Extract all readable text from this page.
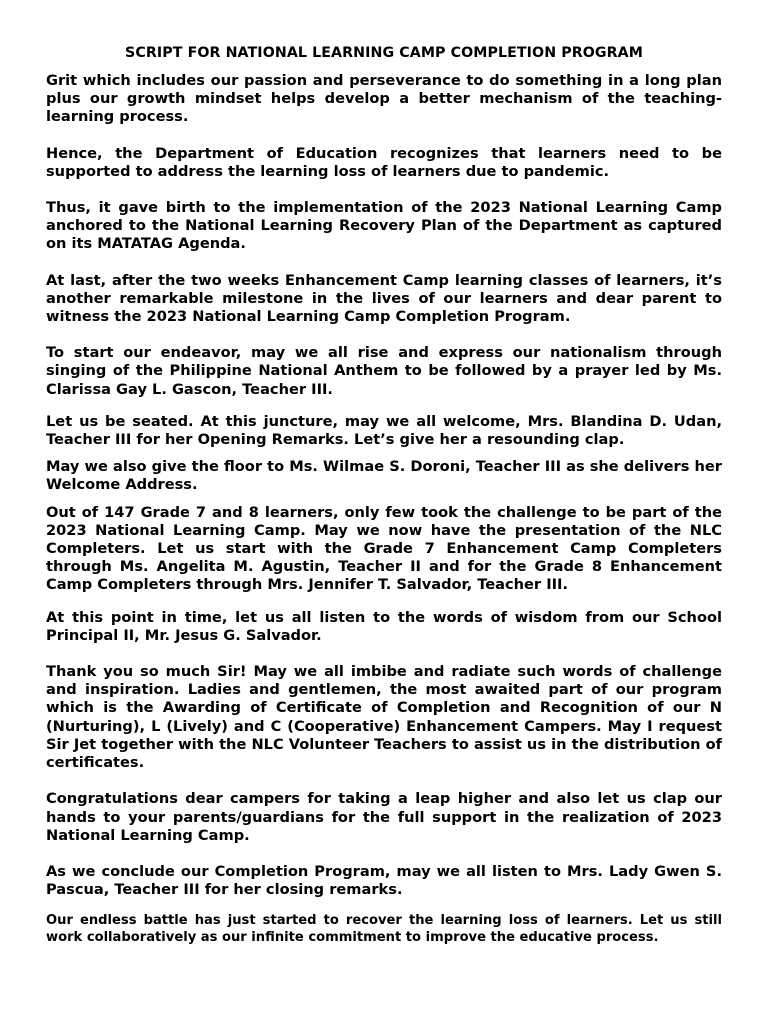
SCRIPT FOR NATIONAL LEARNING CAMP COMPLETION PROGRAM

Grit which includes our passion and perseverance to do something in a long plan plus our growth mindset helps develop a better mechanism of the teaching-learning process.

Hence, the Department of Education recognizes that learners need to be supported to address the learning loss of learners due to pandemic.

Thus, it gave birth to the implementation of the 2023 National Learning Camp anchored to the National Learning Recovery Plan of the Department as captured on its MATATAG Agenda.

At last, after the two weeks Enhancement Camp learning classes of learners, it’s another remarkable milestone in the lives of our learners and dear parent to witness the 2023 National Learning Camp Completion Program.

To start our endeavor, may we all rise and express our nationalism through singing of the Philippine National Anthem to be followed by a prayer led by Ms. Clarissa Gay L. Gascon, Teacher III.

Let us be seated. At this juncture, may we all welcome, Mrs. Blandina D. Udan, Teacher III for her Opening Remarks. Let’s give her a resounding clap.

May we also give the floor to Ms. Wilmae S. Doroni, Teacher III as she delivers her Welcome Address.

Out of 147 Grade 7 and 8 learners, only few took the challenge to be part of the 2023 National Learning Camp. May we now have the presentation of the NLC Completers. Let us start with the Grade 7 Enhancement Camp Completers through Ms. Angelita M. Agustin, Teacher II and for the Grade 8 Enhancement Camp Completers through Mrs. Jennifer T. Salvador, Teacher III.

At this point in time, let us all listen to the words of wisdom from our School Principal II, Mr. Jesus G. Salvador.

Thank you so much Sir! May we all imbibe and radiate such words of challenge and inspiration. Ladies and gentlemen, the most awaited part of our program which is the Awarding of Certificate of Completion and Recognition of our N (Nurturing), L (Lively) and C (Cooperative) Enhancement Campers. May I request Sir Jet together with the NLC Volunteer Teachers to assist us in the distribution of certificates.

Congratulations dear campers for taking a leap higher and also let us clap our hands to your parents/guardians for the full support in the realization of 2023 National Learning Camp.

As we conclude our Completion Program, may we all listen to Mrs. Lady Gwen S. Pascua, Teacher III for her closing remarks.

Our endless battle has just started to recover the learning loss of learners. Let us still work collaboratively as our infinite commitment to improve the educative process.
